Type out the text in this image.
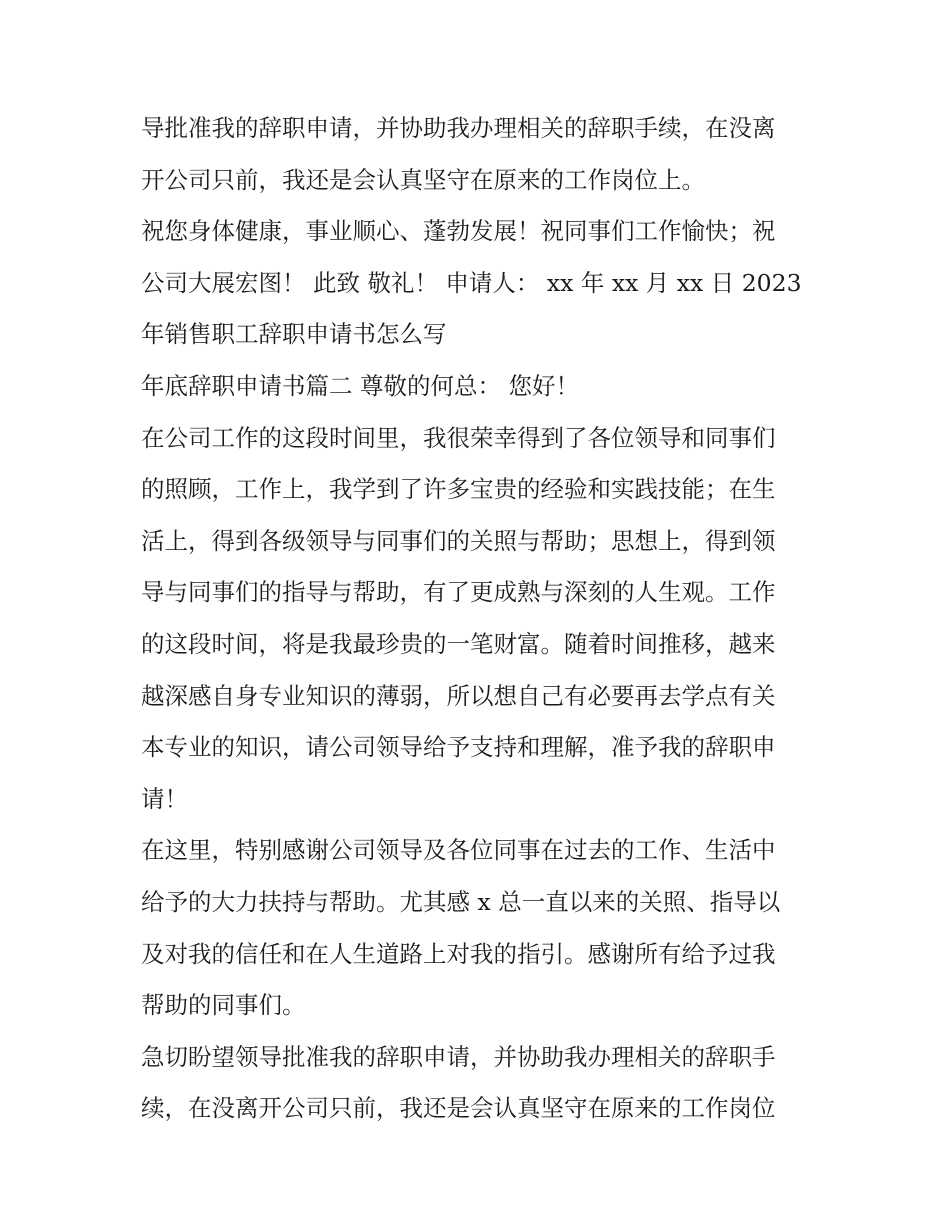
导批准我的辞职申请，并协助我办理相关的辞职手续，在没离
开公司只前，我还是会认真坚守在原来的工作岗位上。
祝您身体健康，事业顺心、蓬勃发展！祝同事们工作愉快；祝
公司大展宏图！ 此致 敬礼！ 申请人： xx 年 xx 月 xx 日 2023
年销售职工辞职申请书怎么写
年底辞职申请书篇二 尊敬的何总： 您好！
在公司工作的这段时间里，我很荣幸得到了各位领导和同事们
的照顾，工作上，我学到了许多宝贵的经验和实践技能；在生
活上，得到各级领导与同事们的关照与帮助；思想上，得到领
导与同事们的指导与帮助，有了更成熟与深刻的人生观。工作
的这段时间，将是我最珍贵的一笔财富。随着时间推移，越来
越深感自身专业知识的薄弱，所以想自己有必要再去学点有关
本专业的知识，请公司领导给予支持和理解，准予我的辞职申
请！
在这里，特别感谢公司领导及各位同事在过去的工作、生活中
给予的大力扶持与帮助。尤其感 x 总一直以来的关照、指导以
及对我的信任和在人生道路上对我的指引。感谢所有给予过我
帮助的同事们。
急切盼望领导批准我的辞职申请，并协助我办理相关的辞职手
续，在没离开公司只前，我还是会认真坚守在原来的工作岗位
